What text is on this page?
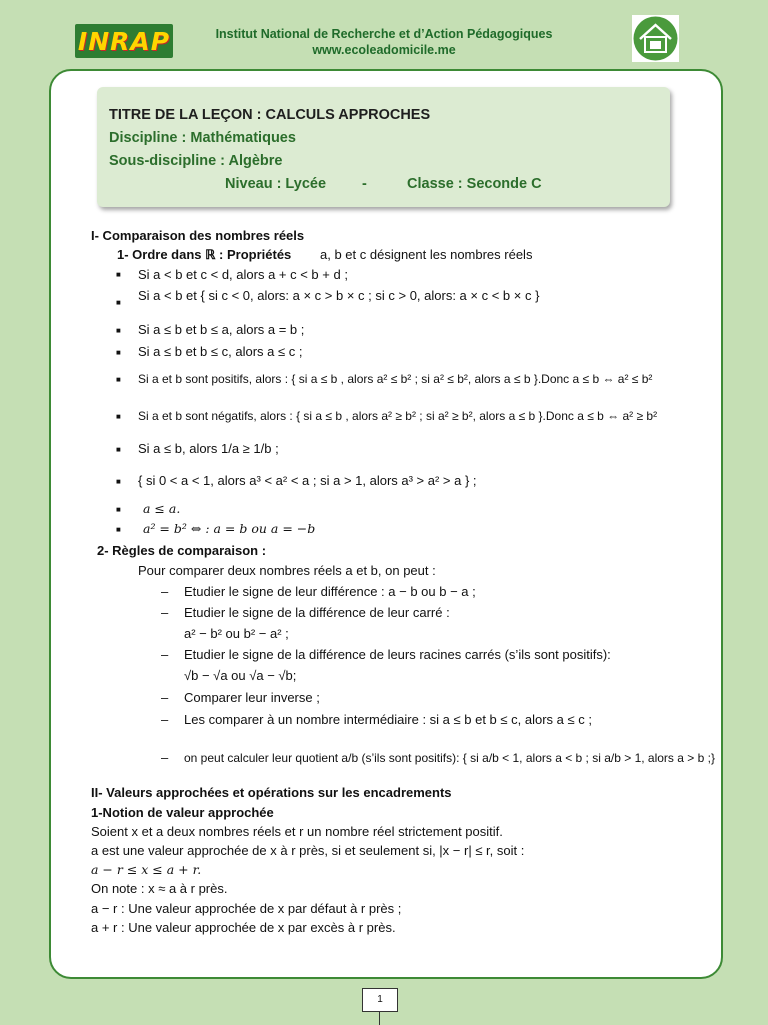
INRAP	Institut National de Recherche et d’Action Pédagogiques
www.ecoleadomicile.me
TITRE DE LA LEÇON : CALCULS APPROCHES
Discipline : Mathématiques
Sous-discipline : Algèbre
Niveau : Lycée -	Classe : Seconde C
I- Comparaison des nombres réels
1- Ordre dans ℝ : Propriétés a, b et c désignent les nombres réels
■ Si a < b et c < d, alors a + c < b + d ;
■ Si a < b et { si c < 0, alors: a × c > b × c ; si c > 0, alors: a × c < b × c }
■ Si a ≤ b et b ≤ a, alors a = b ;
■ Si a ≤ b et b ≤ c, alors a ≤ c ;
■ Si a et b sont positifs, alors : { si a ≤ b , alors a² ≤ b² ; si a² ≤ b², alors a ≤ b }.Donc a ≤ b ⇔ a² ≤ b²
■ Si a et b sont négatifs, alors : { si a ≤ b , alors a² ≥ b² ; si a² ≥ b², alors a ≤ b }.Donc a ≤ b ⇔ a² ≥ b²
■ Si a ≤ b, alors 1/a ≥ 1/b ;
■ { si 0 < a < 1, alors a³ < a² < a ; si a > 1, alors a³ > a² > a } ;
■ a ≤ a.
■ a² = b² ⇔ : a = b ou a = −b
2- Règles de comparaison :
Pour comparer deux nombres réels a et b, on peut :
– Etudier le signe de leur différence : a − b ou b − a ;
– Etudier le signe de la différence de leur carré :
a² − b² ou b² − a² ;
– Etudier le signe de la différence de leurs racines carrés (s’ils sont positifs):
√b − √a ou √a − √b;
– Comparer leur inverse ;
– Les comparer à un nombre intermédiaire : si a ≤ b et b ≤ c, alors a ≤ c ;
– on peut calculer leur quotient a/b (s’ils sont positifs): { si a/b < 1, alors a < b ; si a/b > 1, alors a > b ;}
II- Valeurs approchées et opérations sur les encadrements
1-Notion de valeur approchée
Soient x et a deux nombres réels et r un nombre réel strictement positif.
a est une valeur approchée de x à r près, si et seulement si, |x − r| ≤ r, soit :
a − r ≤ x ≤ a + r.
On note : x ≈ a à r près.
a − r : Une valeur approchée de x par défaut à r près ;
a + r : Une valeur approchée de x par excès à r près.
1
